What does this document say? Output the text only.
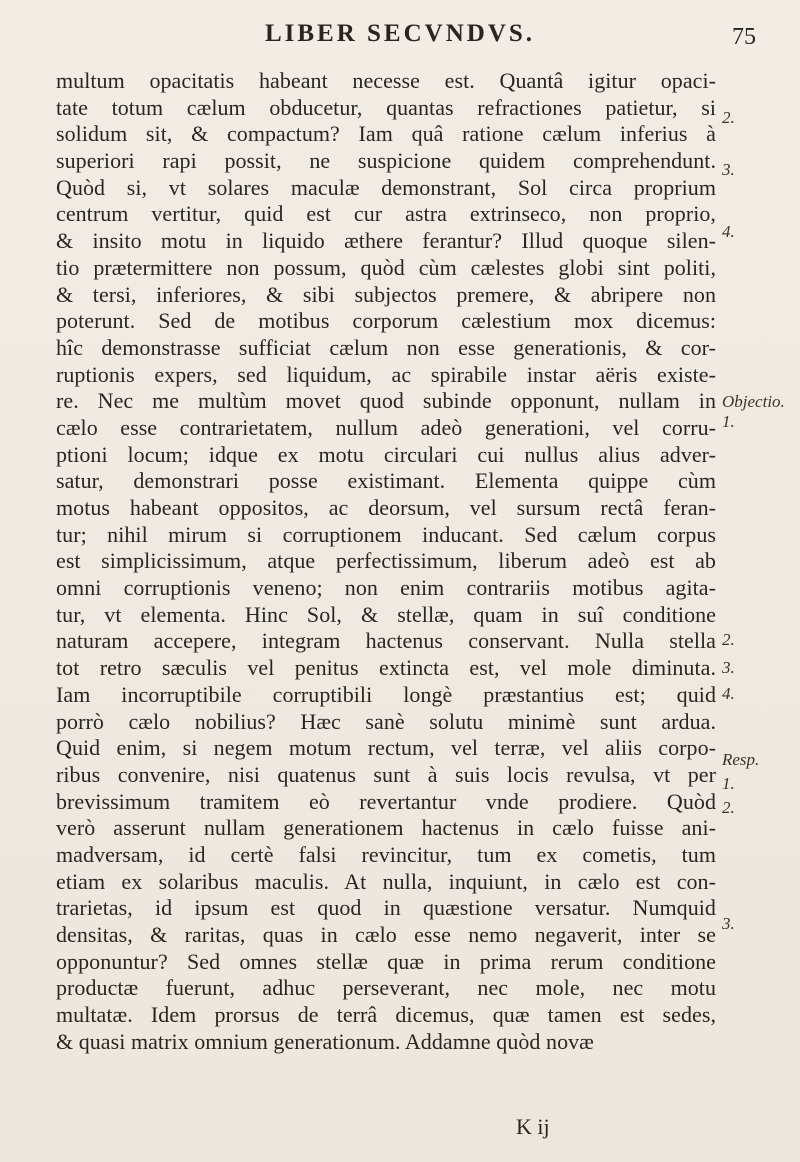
LIBER SECVNDVS.	75
multum opacitatis habeant necesse est. Quantâ igitur opaci-
tate totum cælum obducetur, quantas refractiones patietur, si
solidum sit, & compactum? Iam quâ ratione cælum inferius à
superiori rapi possit, ne suspicione quidem comprehendunt.
Quòd si, vt solares maculæ demonstrant, Sol circa proprium
centrum vertitur, quid est cur astra extrinseco, non proprio,
& insito motu in liquido æthere ferantur? Illud quoque silen-
tio prætermittere non possum, quòd cùm cælestes globi sint politi,
& tersi, inferiores, & sibi subjectos premere, & abripere non
poterunt. Sed de motibus corporum cælestium mox dicemus:
hîc demonstrasse sufficiat cælum non esse generationis, & cor-
ruptionis expers, sed liquidum, ac spirabile instar aëris existe-
re. Nec me multùm movet quod subinde opponunt, nullam in
cælo esse contrarietatem, nullum adeò generationi, vel corru-
ptioni locum; idque ex motu circulari cui nullus alius adver-
satur, demonstrari posse existimant. Elementa quippe cùm
motus habeant oppositos, ac deorsum, vel sursum rectâ feran-
tur; nihil mirum si corruptionem inducant. Sed cælum corpus
est simplicissimum, atque perfectissimum, liberum adeò est ab
omni corruptionis veneno; non enim contrariis motibus agita-
tur, vt elementa. Hinc Sol, & stellæ, quam in suî conditione
naturam accepere, integram hactenus conservant. Nulla stella
tot retro sæculis vel penitus extincta est, vel mole diminuta.
Iam incorruptibile corruptibili longè præstantius est; quid
porrò cælo nobilius? Hæc sanè solutu minimè sunt ardua.
Quid enim, si negem motum rectum, vel terræ, vel aliis corpo-
ribus convenire, nisi quatenus sunt à suis locis revulsa, vt per
brevissimum tramitem eò revertantur vnde prodiere. Quòd
verò asserunt nullam generationem hactenus in cælo fuisse ani-
madversam, id certè falsi revincitur, tum ex cometis, tum
etiam ex solaribus maculis. At nulla, inquiunt, in cælo est con-
trarietas, id ipsum est quod in quæstione versatur. Numquid
densitas, & raritas, quas in cælo esse nemo negaverit, inter se
opponuntur? Sed omnes stellæ quæ in prima rerum conditione
productæ fuerunt, adhuc perseverant, nec mole, nec motu
multatæ. Idem prorsus de terrâ dicemus, quæ tamen est sedes,
& quasi matrix omnium generationum. Addamne quòd novæ
2.
3.
4.
Objectio.
1.
2.
3.
4.
Resp.
1.
2.
3.
K ij
